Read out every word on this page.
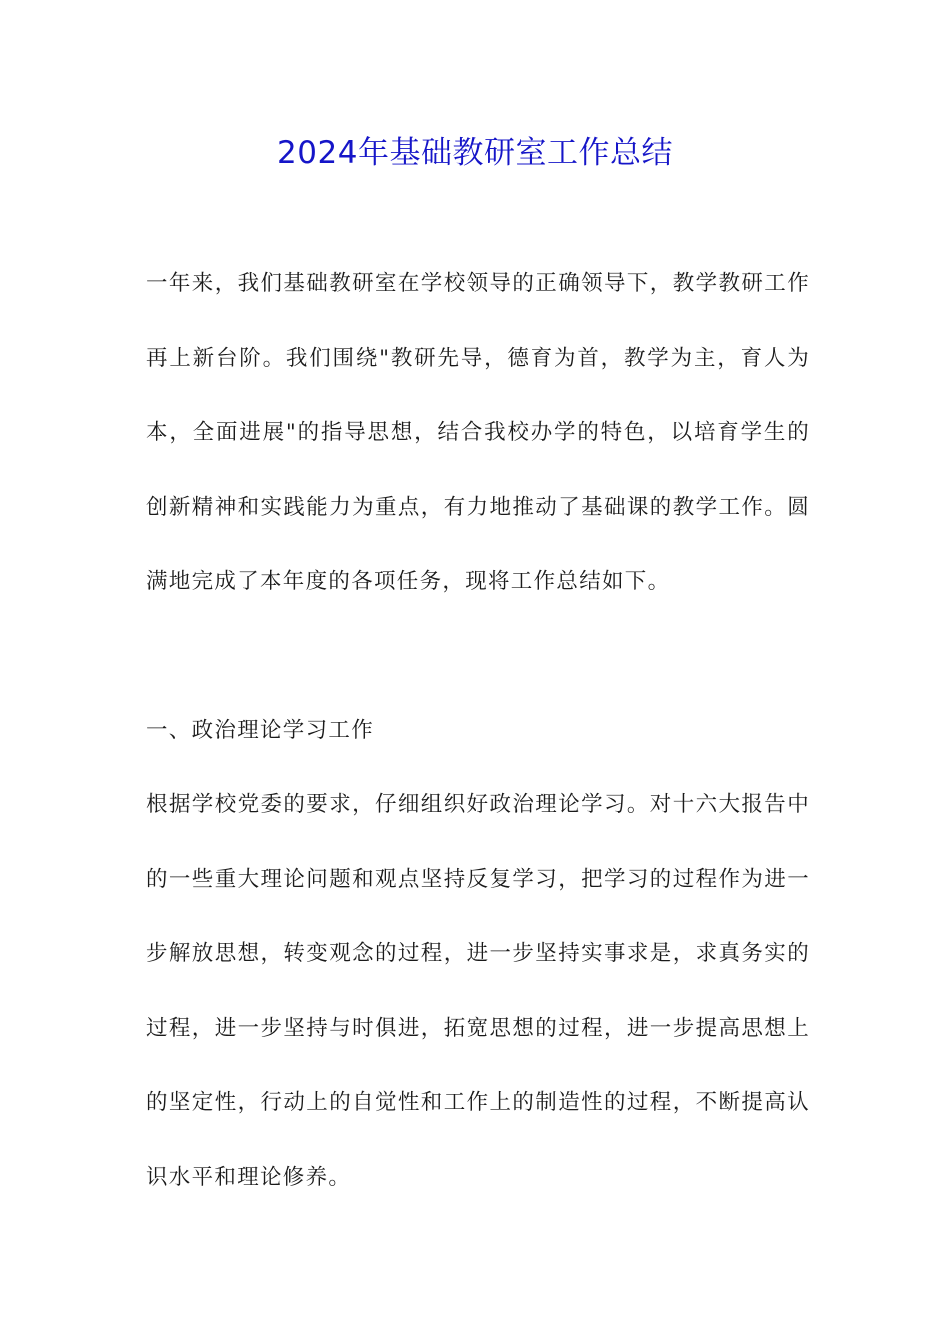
2024年基础教研室工作总结

一年来，我们基础教研室在学校领导的正确领导下，教学教研工作再上新台阶。我们围绕"教研先导，德育为首，教学为主，育人为本，全面进展"的指导思想，结合我校办学的特色，以培育学生的创新精神和实践能力为重点，有力地推动了基础课的教学工作。圆满地完成了本年度的各项任务，现将工作总结如下。

一、政治理论学习工作

根据学校党委的要求，仔细组织好政治理论学习。对十六大报告中的一些重大理论问题和观点坚持反复学习，把学习的过程作为进一步解放思想，转变观念的过程，进一步坚持实事求是，求真务实的过程，进一步坚持与时俱进，拓宽思想的过程，进一步提高思想上的坚定性，行动上的自觉性和工作上的制造性的过程，不断提高认识水平和理论修养。
